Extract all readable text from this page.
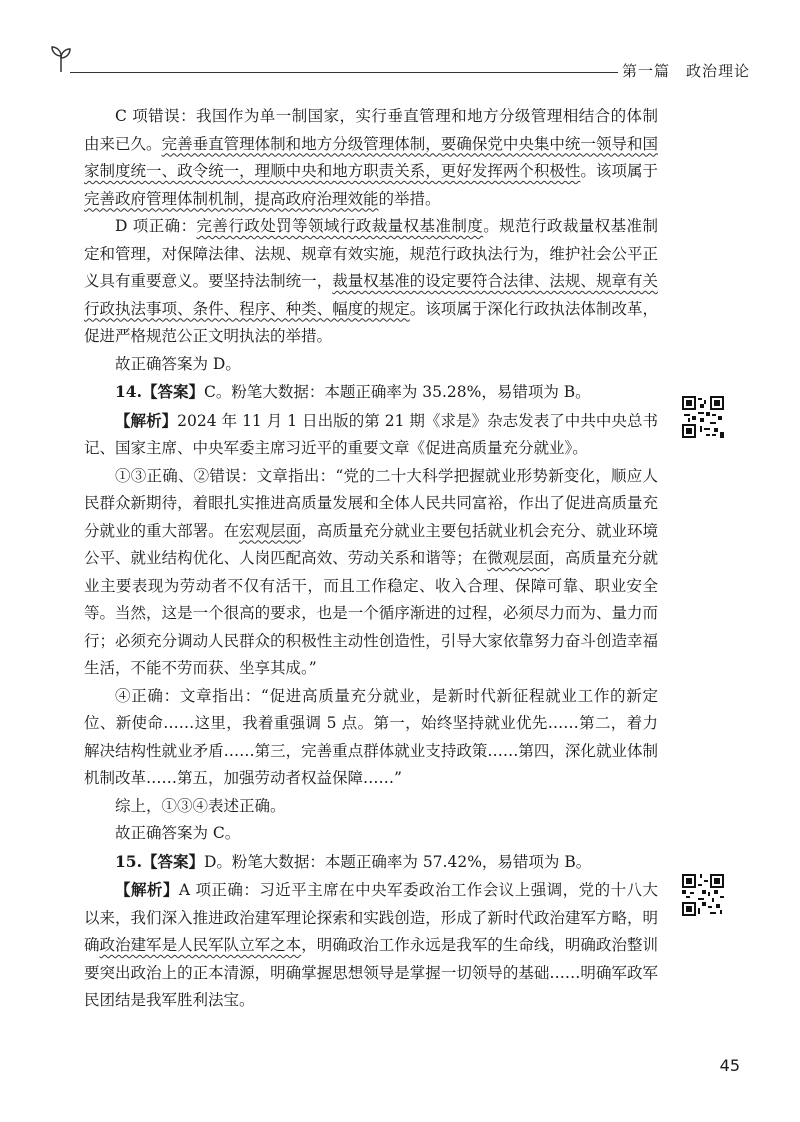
第一篇　政治理论

C 项错误：我国作为单一制国家，实行垂直管理和地方分级管理相结合的体制由来已久。完善垂直管理体制和地方分级管理体制，要确保党中央集中统一领导和国家制度统一、政令统一，理顺中央和地方职责关系，更好发挥两个积极性。该项属于完善政府管理体制机制，提高政府治理效能的举措。

D 项正确：完善行政处罚等领域行政裁量权基准制度。规范行政裁量权基准制定和管理，对保障法律、法规、规章有效实施，规范行政执法行为，维护社会公平正义具有重要意义。要坚持法制统一，裁量权基准的设定要符合法律、法规、规章有关行政执法事项、条件、程序、种类、幅度的规定。该项属于深化行政执法体制改革，促进严格规范公正文明执法的举措。

故正确答案为 D。

14.【答案】C。粉笔大数据：本题正确率为 35.28%，易错项为 B。

【解析】2024 年 11 月 1 日出版的第 21 期《求是》杂志发表了中共中央总书记、国家主席、中央军委主席习近平的重要文章《促进高质量充分就业》。

①③正确、②错误：文章指出：“党的二十大科学把握就业形势新变化，顺应人民群众新期待，着眼扎实推进高质量发展和全体人民共同富裕，作出了促进高质量充分就业的重大部署。在宏观层面，高质量充分就业主要包括就业机会充分、就业环境公平、就业结构优化、人岗匹配高效、劳动关系和谐等；在微观层面，高质量充分就业主要表现为劳动者不仅有活干，而且工作稳定、收入合理、保障可靠、职业安全等。当然，这是一个很高的要求，也是一个循序渐进的过程，必须尽力而为、量力而行；必须充分调动人民群众的积极性主动性创造性，引导大家依靠努力奋斗创造幸福生活，不能不劳而获、坐享其成。”

④正确：文章指出：“促进高质量充分就业，是新时代新征程就业工作的新定位、新使命……这里，我着重强调 5 点。第一，始终坚持就业优先……第二，着力解决结构性就业矛盾……第三，完善重点群体就业支持政策……第四，深化就业体制机制改革……第五，加强劳动者权益保障……”

综上，①③④表述正确。

故正确答案为 C。

15.【答案】D。粉笔大数据：本题正确率为 57.42%，易错项为 B。

【解析】A 项正确：习近平主席在中央军委政治工作会议上强调，党的十八大以来，我们深入推进政治建军理论探索和实践创造，形成了新时代政治建军方略，明确政治建军是人民军队立军之本，明确政治工作永远是我军的生命线，明确政治整训要突出政治上的正本清源，明确掌握思想领导是掌握一切领导的基础……明确军政军民团结是我军胜利法宝。

45
